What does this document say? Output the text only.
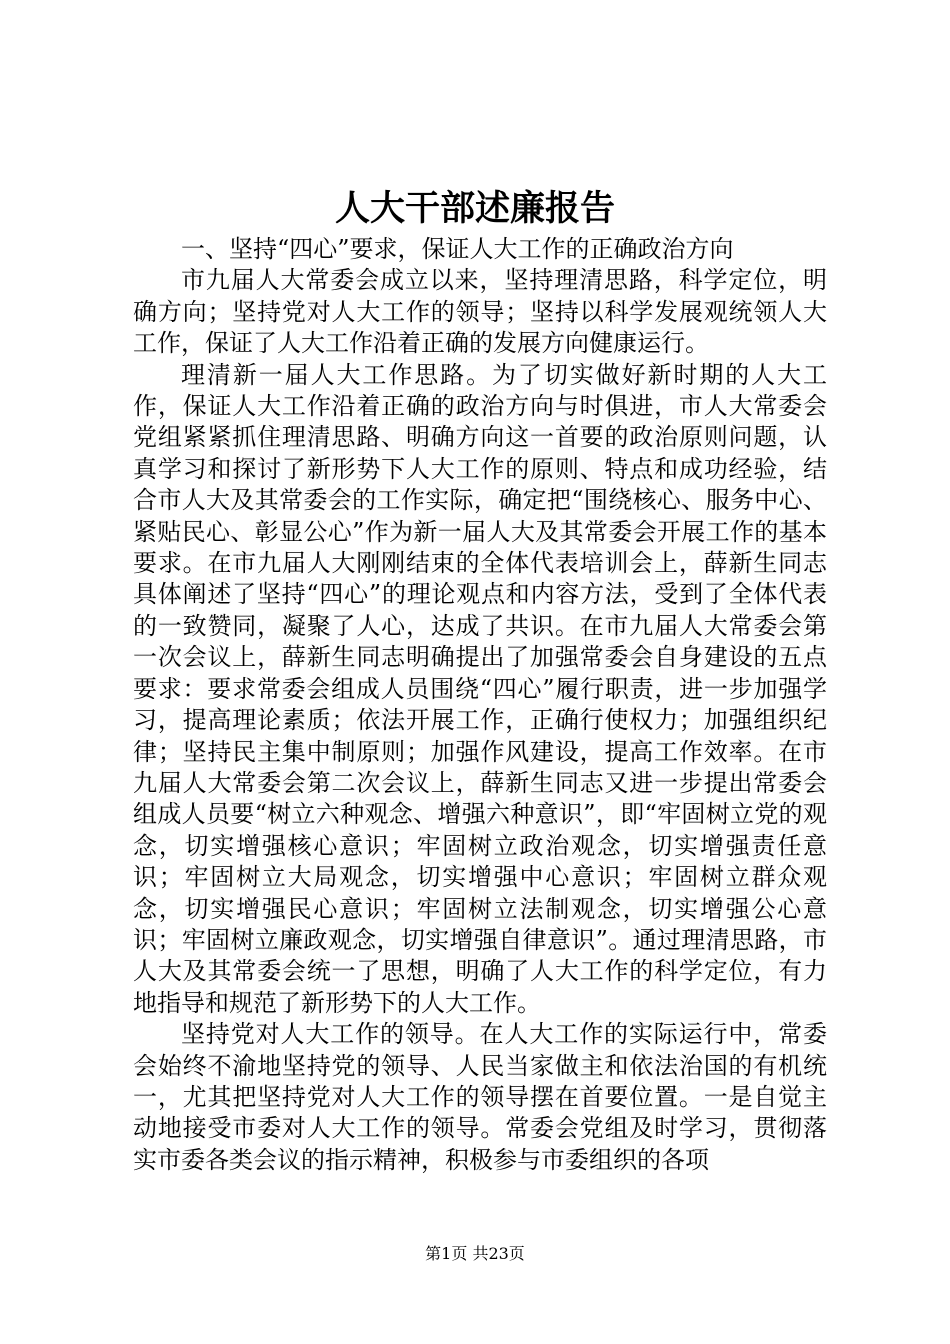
人大干部述廉报告

一、坚持“四心”要求，保证人大工作的正确政治方向

市九届人大常委会成立以来，坚持理清思路，科学定位，明确方向；坚持党对人大工作的领导；坚持以科学发展观统领人大工作，保证了人大工作沿着正确的发展方向健康运行。

理清新一届人大工作思路。为了切实做好新时期的人大工作，保证人大工作沿着正确的政治方向与时俱进，市人大常委会党组紧紧抓住理清思路、明确方向这一首要的政治原则问题，认真学习和探讨了新形势下人大工作的原则、特点和成功经验，结合市人大及其常委会的工作实际，确定把“围绕核心、服务中心、紧贴民心、彰显公心”作为新一届人大及其常委会开展工作的基本要求。在市九届人大刚刚结束的全体代表培训会上，薛新生同志具体阐述了坚持“四心”的理论观点和内容方法，受到了全体代表的一致赞同，凝聚了人心，达成了共识。在市九届人大常委会第一次会议上，薛新生同志明确提出了加强常委会自身建设的五点要求：要求常委会组成人员围绕“四心”履行职责，进一步加强学习，提高理论素质；依法开展工作，正确行使权力；加强组织纪律；坚持民主集中制原则；加强作风建设，提高工作效率。在市九届人大常委会第二次会议上，薛新生同志又进一步提出常委会组成人员要“树立六种观念、增强六种意识”，即“牢固树立党的观念，切实增强核心意识；牢固树立政治观念，切实增强责任意识；牢固树立大局观念，切实增强中心意识；牢固树立群众观念，切实增强民心意识；牢固树立法制观念，切实增强公心意识；牢固树立廉政观念，切实增强自律意识”。通过理清思路，市人大及其常委会统一了思想，明确了人大工作的科学定位，有力地指导和规范了新形势下的人大工作。

坚持党对人大工作的领导。在人大工作的实际运行中，常委会始终不渝地坚持党的领导、人民当家做主和依法治国的有机统一，尤其把坚持党对人大工作的领导摆在首要位置。一是自觉主动地接受市委对人大工作的领导。常委会党组及时学习，贯彻落实市委各类会议的指示精神，积极参与市委组织的各项

第1页 共23页
